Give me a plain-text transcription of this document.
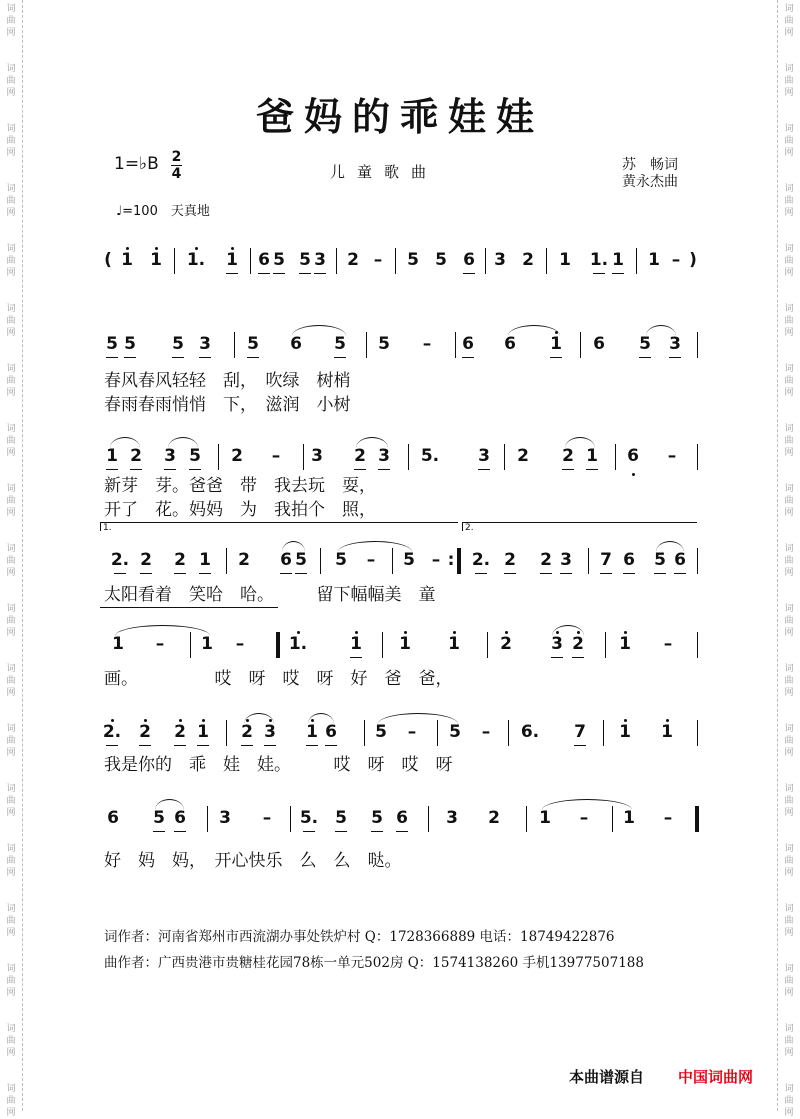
词
曲
网
词
曲
网
词
曲
网
词
曲
网
词
曲
网
词
曲
网
词
曲
网
词
曲
网
词
曲
网
词
曲
网
词
曲
网
词
曲
网
词
曲
网
词
曲
网
词
曲
网
词
曲
网
词
曲
网
词
曲
网
词
曲
网
词
曲
网
词
曲
网
词
曲
网
词
曲
网
词
曲
网
词
曲
网
词
曲
网
词
曲
网
词
曲
网
词
曲
网
词
曲
网
词
曲
网
词
曲
网
词
曲
网
词
曲
网
词
曲
网
词
曲
网
词
曲
网
词
曲
网
爸妈的乖娃娃
1=♭B 2
4	儿童歌曲	苏　畅词
黄永杰曲
♩=100　天真地
( 1 1 1. 1 6 5 5 3 2 – 5 5 6 3 2 1 1. 1 1 – )
5 5 5 3 5 6 5 5 – 6 6 1 6 5 3
1 2 3 5 2 – 3 2 3 5. 3 2 2 1 6 –
2. 2 2 1 2 6 5 5 – 5 – : 2. 2 2 3 7 6 5 6
1 – 1 –	1.	1 1 1 2 3 2 1 –
2. 2 2 1 2 3 1 6 5 – 5 – 6. 7 1 1
6 5 6 3 – 5. 5 5 6 3 2 1 – 1 –
春风春风轻轻　刮，　吹绿　树梢
春雨春雨悄悄　下，　滋润　小树
新芽　芽。爸爸　带　我去玩　耍，
开了　花。妈妈　为　我拍个　照，
太阳看着　笑哈　哈。　　　留下幅幅美　童
画。　　　　　哎　呀　哎　呀　好　爸　爸，
我是你的　乖　娃　娃。　　　哎　呀　哎　呀
好　妈　妈，　开心快乐　么　么　哒。
1.	2.
词作者：河南省郑州市西流湖办事处铁炉村 Q：1728366889 电话：18749422876
曲作者：广西贵港市贵糖桂花园78栋一单元502房 Q：1574138260 手机13977507188
本曲谱源自 中国词曲网
